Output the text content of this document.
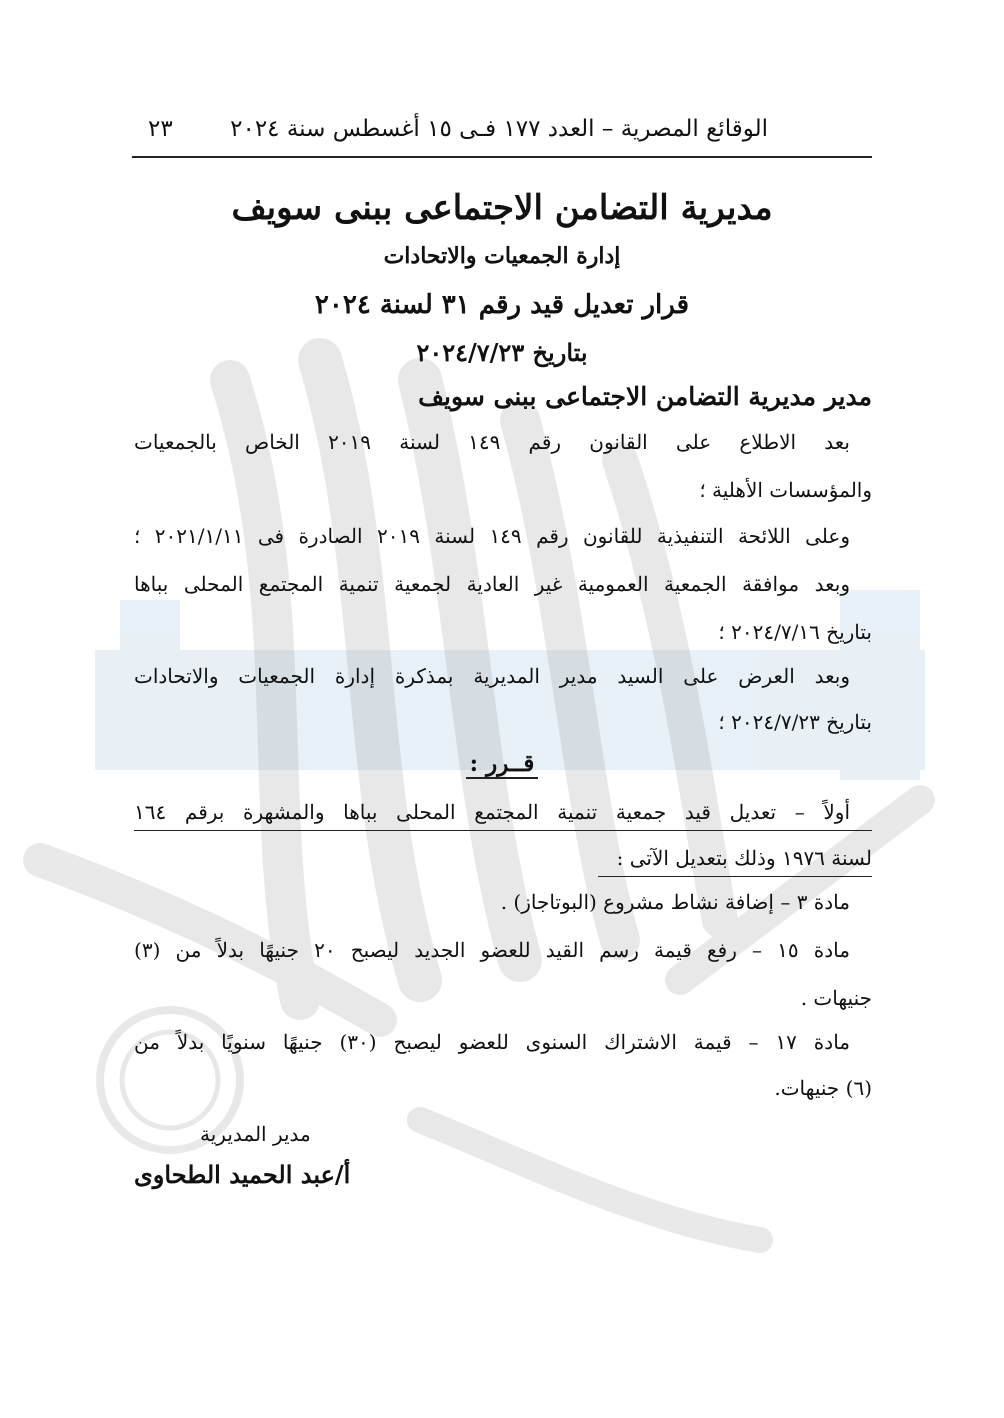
الوقائع المصرية – العدد ١٧٧ فـى ١٥ أغسطس سنة ٢٠٢٤
٢٣
مديرية التضامن الاجتماعى ببنى سويف
إدارة الجمعيات والاتحادات
قرار تعديل قيد رقم ٣١ لسنة ٢٠٢٤
بتاريخ ٢٠٢٤/٧/٢٣
مدير مديرية التضامن الاجتماعى ببنى سويف
بعد الاطلاع على القانون رقم ١٤٩ لسنة ٢٠١٩ الخاص بالجمعيات
والمؤسسات الأهلية ؛
وعلى اللائحة التنفيذية للقانون رقم ١٤٩ لسنة ٢٠١٩ الصادرة فى ٢٠٢١/١/١١ ؛
وبعد موافقة الجمعية العمومية غير العادية لجمعية تنمية المجتمع المحلى بباها
بتاريخ ٢٠٢٤/٧/١٦ ؛
وبعد العرض على السيد مدير المديرية بمذكرة إدارة الجمعيات والاتحادات
بتاريخ ٢٠٢٤/٧/٢٣ ؛
قــرر :
أولاً – تعديل قيد جمعية تنمية المجتمع المحلى بباها والمشهرة برقم ١٦٤
لسنة ١٩٧٦ وذلك بتعديل الآتى :
مادة ٣ – إضافة نشاط مشروع (البوتاجاز) .
مادة ١٥ – رفع قيمة رسم القيد للعضو الجديد ليصبح ٢٠ جنيهًا بدلاً من (٣)
جنيهات .
مادة ١٧ – قيمة الاشتراك السنوى للعضو ليصبح (٣٠) جنيهًا سنويًا بدلاً من
(٦) جنيهات.
مدير المديرية
أ/عبد الحميد الطحاوى
